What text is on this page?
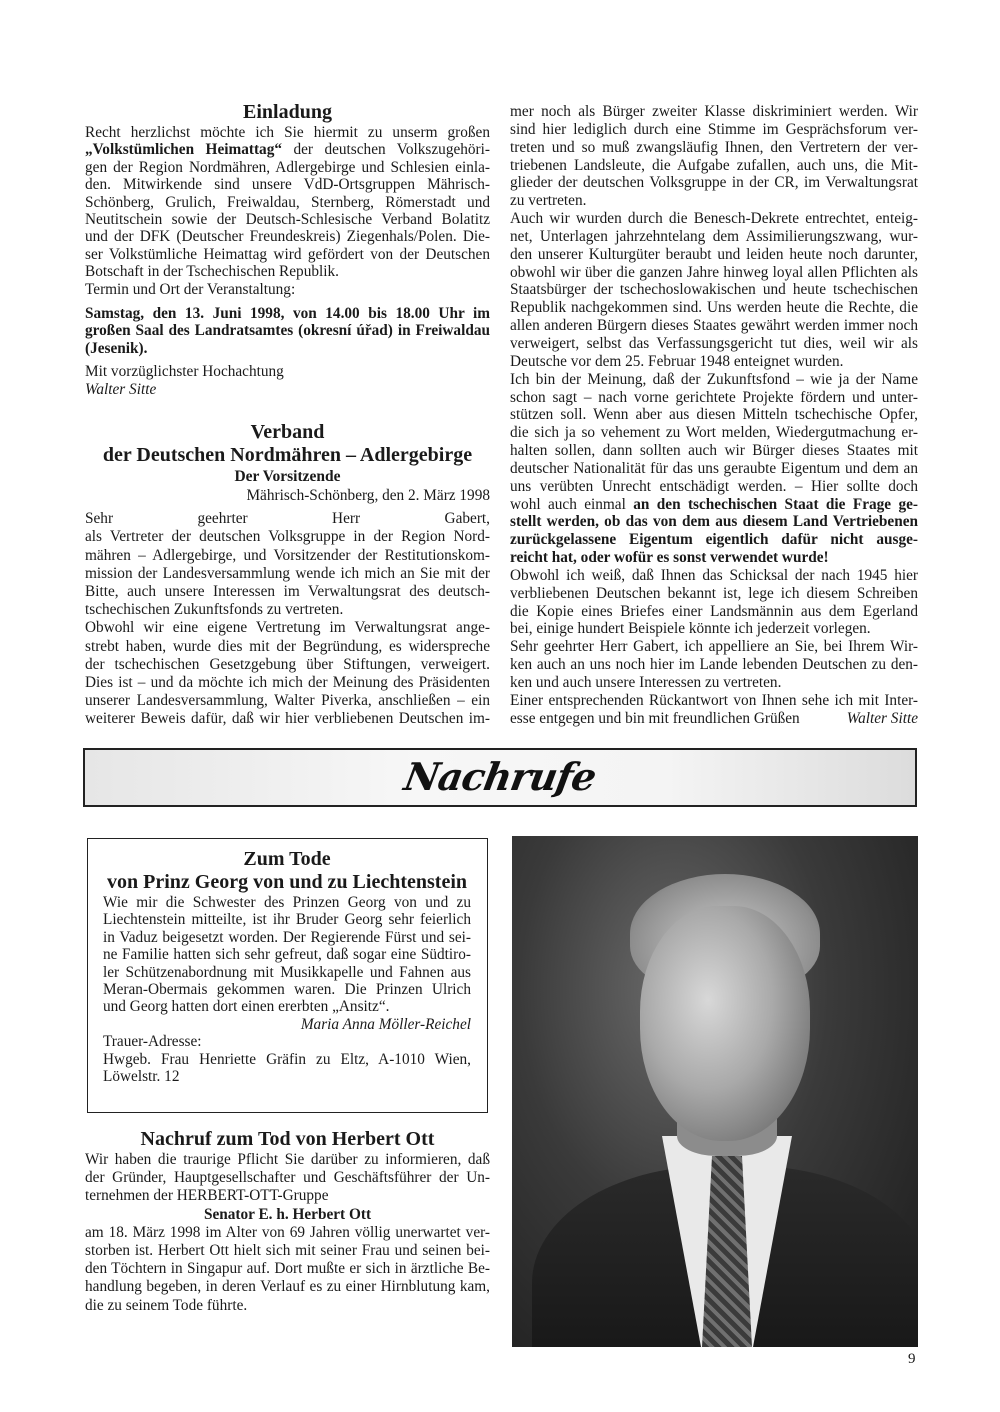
Einladung
Recht herzlichst möchte ich Sie hiermit zu unserm großen
„Volkstümlichen Heimattag“ der deutschen Volkszugehöri-
gen der Region Nordmähren, Adlergebirge und Schlesien einla-
den. Mitwirkende sind unsere VdD-Ortsgruppen Mährisch-
Schönberg, Grulich, Freiwaldau, Sternberg, Römerstadt und
Neutitschein sowie der Deutsch-Schlesische Verband Bolatitz
und der DFK (Deutscher Freundeskreis) Ziegenhals/Polen. Die-
ser Volkstümliche Heimattag wird gefördert von der Deutschen
Botschaft in der Tschechischen Republik.
Termin und Ort der Veranstaltung:
Samstag, den 13. Juni 1998, von 14.00 bis 18.00 Uhr im
großen Saal des Landratsamtes (okresní úřad) in Freiwaldau
(Jesenik).
Mit vorzüglichster Hochachtung
Walter Sitte
Verband
der Deutschen Nordmähren – Adlergebirge
Der Vorsitzende
Mährisch-Schönberg, den 2. März 1998
Sehr geehrter Herr Gabert,
als Vertreter der deutschen Volksgruppe in der Region Nord-
mähren – Adlergebirge, und Vorsitzender der Restitutionskom-
mission der Landesversammlung wende ich mich an Sie mit der
Bitte, auch unsere Interessen im Verwaltungsrat des deutsch-
tschechischen Zukunftsfonds zu vertreten.
Obwohl wir eine eigene Vertretung im Verwaltungsrat ange-
strebt haben, wurde dies mit der Begründung, es widerspreche
der tschechischen Gesetzgebung über Stiftungen, verweigert.
Dies ist – und da möchte ich mich der Meinung des Präsidenten
unserer Landesversammlung, Walter Piverka, anschließen – ein
weiterer Beweis dafür, daß wir hier verbliebenen Deutschen im-
mer noch als Bürger zweiter Klasse diskriminiert werden. Wir
sind hier lediglich durch eine Stimme im Gesprächsforum ver-
treten und so muß zwangsläufig Ihnen, den Vertretern der ver-
triebenen Landsleute, die Aufgabe zufallen, auch uns, die Mit-
glieder der deutschen Volksgruppe in der CR, im Verwaltungsrat
zu vertreten.
Auch wir wurden durch die Benesch-Dekrete entrechtet, enteig-
net, Unterlagen jahrzehntelang dem Assimilierungszwang, wur-
den unserer Kulturgüter beraubt und leiden heute noch darunter,
obwohl wir über die ganzen Jahre hinweg loyal allen Pflichten als
Staatsbürger der tschechoslowakischen und heute tschechischen
Republik nachgekommen sind. Uns werden heute die Rechte, die
allen anderen Bürgern dieses Staates gewährt werden immer noch
verweigert, selbst das Verfassungsgericht tut dies, weil wir als
Deutsche vor dem 25. Februar 1948 enteignet wurden.
Ich bin der Meinung, daß der Zukunftsfond – wie ja der Name
schon sagt – nach vorne gerichtete Projekte fördern und unter-
stützen soll. Wenn aber aus diesen Mitteln tschechische Opfer,
die sich ja so vehement zu Wort melden, Wiedergutmachung er-
halten sollen, dann sollten auch wir Bürger dieses Staates mit
deutscher Nationalität für das uns geraubte Eigentum und dem an
uns verübten Unrecht entschädigt werden. – Hier sollte doch
wohl auch einmal an den tschechischen Staat die Frage ge-
stellt werden, ob das von dem aus diesem Land Vertriebenen
zurückgelassene Eigentum eigentlich dafür nicht ausge-
reicht hat, oder wofür es sonst verwendet wurde!
Obwohl ich weiß, daß Ihnen das Schicksal der nach 1945 hier
verbliebenen Deutschen bekannt ist, lege ich diesem Schreiben
die Kopie eines Briefes einer Landsmännin aus dem Egerland
bei, einige hundert Beispiele könnte ich jederzeit vorlegen.
Sehr geehrter Herr Gabert, ich appelliere an Sie, bei Ihrem Wir-
ken auch an uns noch hier im Lande lebenden Deutschen zu den-
ken und auch unsere Interessen zu vertreten.
Einer entsprechenden Rückantwort von Ihnen sehe ich mit Inter-
esse entgegen und bin mit freundlichen Grüßen	Walter Sitte
Nachrufe
Zum Tode
von Prinz Georg von und zu Liechtenstein
Wie mir die Schwester des Prinzen Georg von und zu
Liechtenstein mitteilte, ist ihr Bruder Georg sehr feierlich
in Vaduz beigesetzt worden. Der Regierende Fürst und sei-
ne Familie hatten sich sehr gefreut, daß sogar eine Südtiro-
ler Schützenabordnung mit Musikkapelle und Fahnen aus
Meran-Obermais gekommen waren. Die Prinzen Ulrich
und Georg hatten dort einen ererbten „Ansitz“.
Maria Anna Möller-Reichel
Trauer-Adresse:
Hwgeb. Frau Henriette Gräfin zu Eltz, A-1010 Wien,
Löwelstr. 12
Nachruf zum Tod von Herbert Ott
Wir haben die traurige Pflicht Sie darüber zu informieren, daß
der Gründer, Hauptgesellschafter und Geschäftsführer der Un-
ternehmen der HERBERT-OTT-Gruppe
Senator E. h. Herbert Ott
am 18. März 1998 im Alter von 69 Jahren völlig unerwartet ver-
storben ist. Herbert Ott hielt sich mit seiner Frau und seinen bei-
den Töchtern in Singapur auf. Dort mußte er sich in ärztliche Be-
handlung begeben, in deren Verlauf es zu einer Hirnblutung kam,
die zu seinem Tode führte.
9
